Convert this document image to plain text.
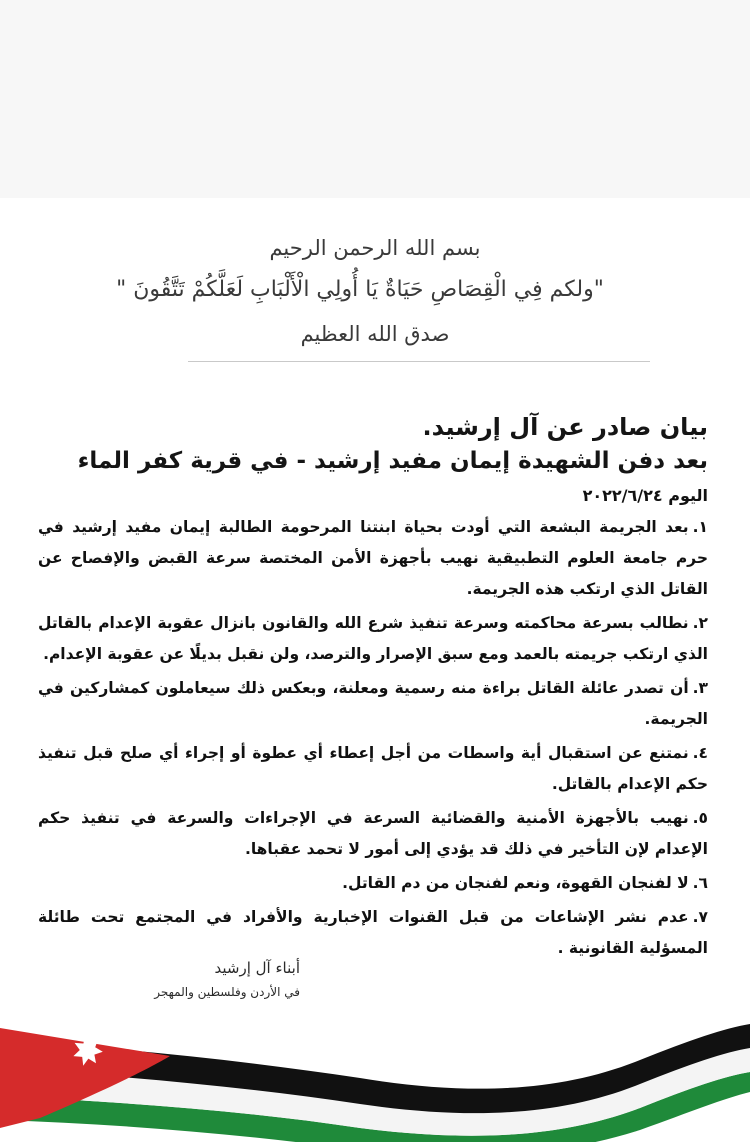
بسم الله الرحمن الرحيم
"ولكم فِي الْقِصَاصِ حَيَاةٌ يَا أُولِي الْأَلْبَابِ لَعَلَّكُمْ تَتَّقُونَ "
صدق الله العظيم
بيان صادر عن آل إرشيد.
بعد دفن الشهيدة إيمان مفيد إرشيد - في قرية كفر الماء
اليوم ٢٠٢٢/٦/٢٤
١.بعد الجريمة البشعة التي أودت بحياة ابنتنا المرحومة الطالبة إيمان مفيد إرشيد في حرم جامعة العلوم التطبيقية نهيب بأجهزة الأمن المختصة سرعة القبض والإفصاح عن القاتل الذي ارتكب هذه الجريمة.
٢.نطالب بسرعة محاكمته وسرعة تنفيذ شرع الله والقانون بانزال عقوبة الإعدام بالقاتل الذي ارتكب جريمته بالعمد ومع سبق الإصرار والترصد، ولن نقبل بديلًا عن عقوبة الإعدام.
٣.أن تصدر عائلة القاتل براءة منه رسمية ومعلنة، وبعكس ذلك سيعاملون كمشاركين في الجريمة.
٤.نمتنع عن استقبال أية واسطات من أجل إعطاء أي عطوة أو إجراء أي صلح قبل تنفيذ حكم الإعدام بالقاتل.
٥.نهيب بالأجهزة الأمنية والقضائية السرعة في الإجراءات والسرعة في تنفيذ حكم الإعدام لإن التأخير في ذلك قد يؤدي إلى أمور لا تحمد عقباها.
٦.لا لفنجان القهوة، ونعم لفنجان من دم القاتل.
٧.عدم نشر الإشاعات من قبل القنوات الإخبارية والأفراد في المجتمع تحت طائلة المسؤلية القانونية .
أبناء آل إرشيد
في الأردن وفلسطين والمهجر
